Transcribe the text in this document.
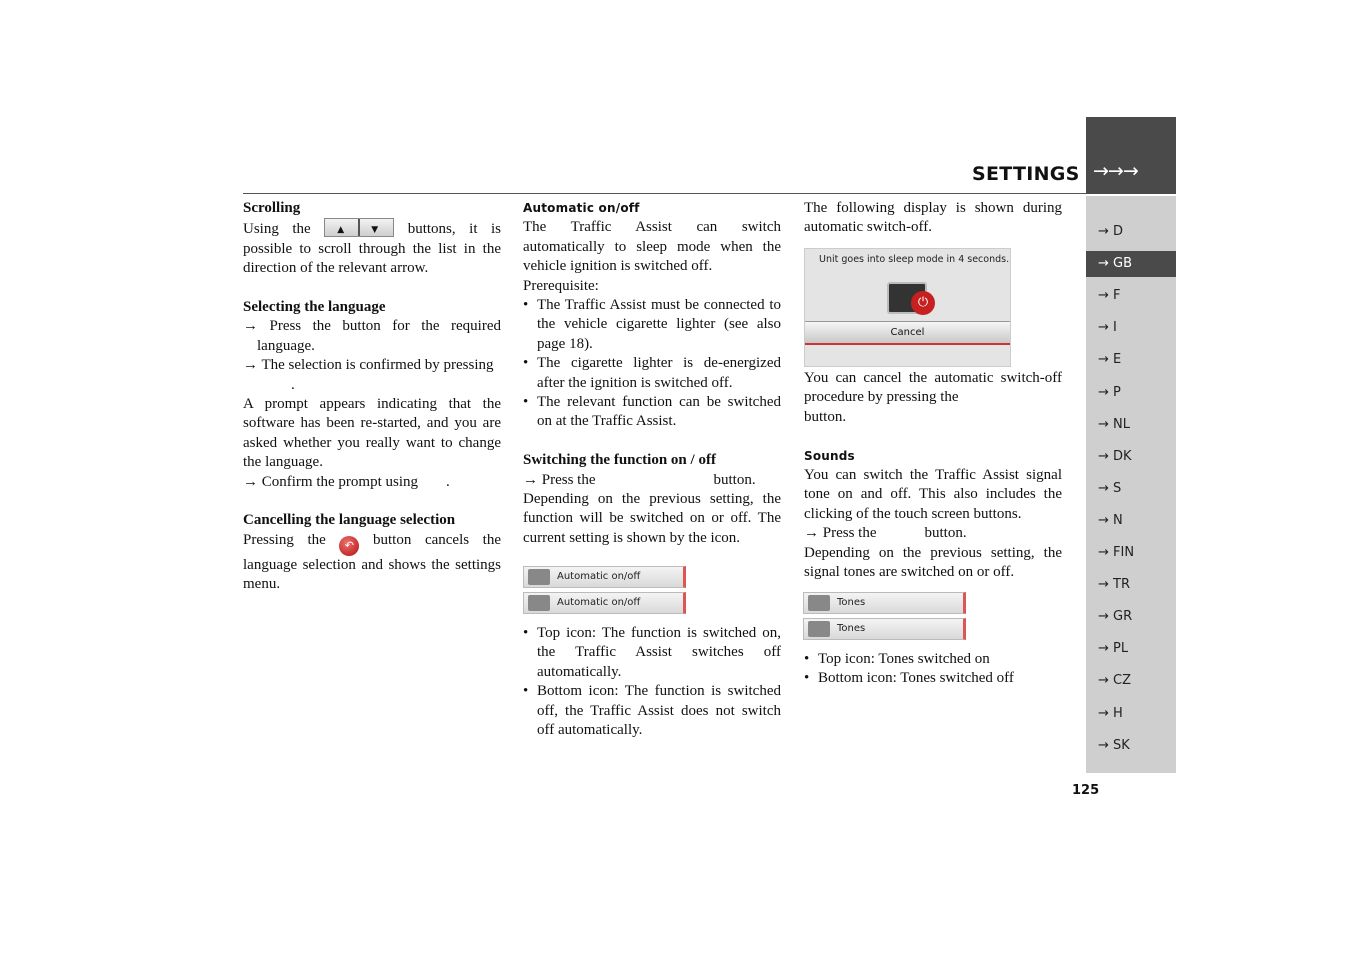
SETTINGS →→→
→ D
→ GB
→ F
→ I
→ E
→ P
→ NL
→ DK
→ S
→ N
→ FIN
→ TR
→ GR
→ PL
→ CZ
→ H
→ SK
125

Scrolling

Using the	▲	▼ buttons, it is possible to scroll through the list in the direction of the relevant arrow.

Selecting the language

→ Press the button for the required language.

→ The selection is confirmed by pressing
.

A prompt appears indicating that the software has been re-started, and you are asked whether you really want to change the language.

→ Confirm the prompt using .

Cancelling the language selection

Pressing the ↶ button cancels the language selection and shows the settings menu.

Automatic on/off

The Traffic Assist can switch automatically to sleep mode when the vehicle ignition is switched off.

Prerequisite:

• The Traffic Assist must be connected to the vehicle cigarette lighter (see also page 18).

• The cigarette lighter is de-energized after the ignition is switched off.

• The relevant function can be switched on at the Traffic Assist.

Switching the function on / off

→ Press the	button.

Depending on the previous setting, the function will be switched on or off. The current setting is shown by the icon.

Automatic on/off
Automatic on/off

• Top icon: The function is switched on, the Traffic Assist switches off automatically.

• Bottom icon: The function is switched off, the Traffic Assist does not switch off automatically.

The following display is shown during automatic switch-off.

Unit goes into sleep mode in 4 seconds.
⏻
Cancel

You can cancel the automatic switch-off procedure by pressing the
button.

Sounds

You can switch the Traffic Assist signal tone on and off. This also includes the clicking of the touch screen buttons.

→ Press the	button.

Depending on the previous setting, the signal tones are switched on or off.

Tones
Tones

• Top icon: Tones switched on

• Bottom icon: Tones switched off
